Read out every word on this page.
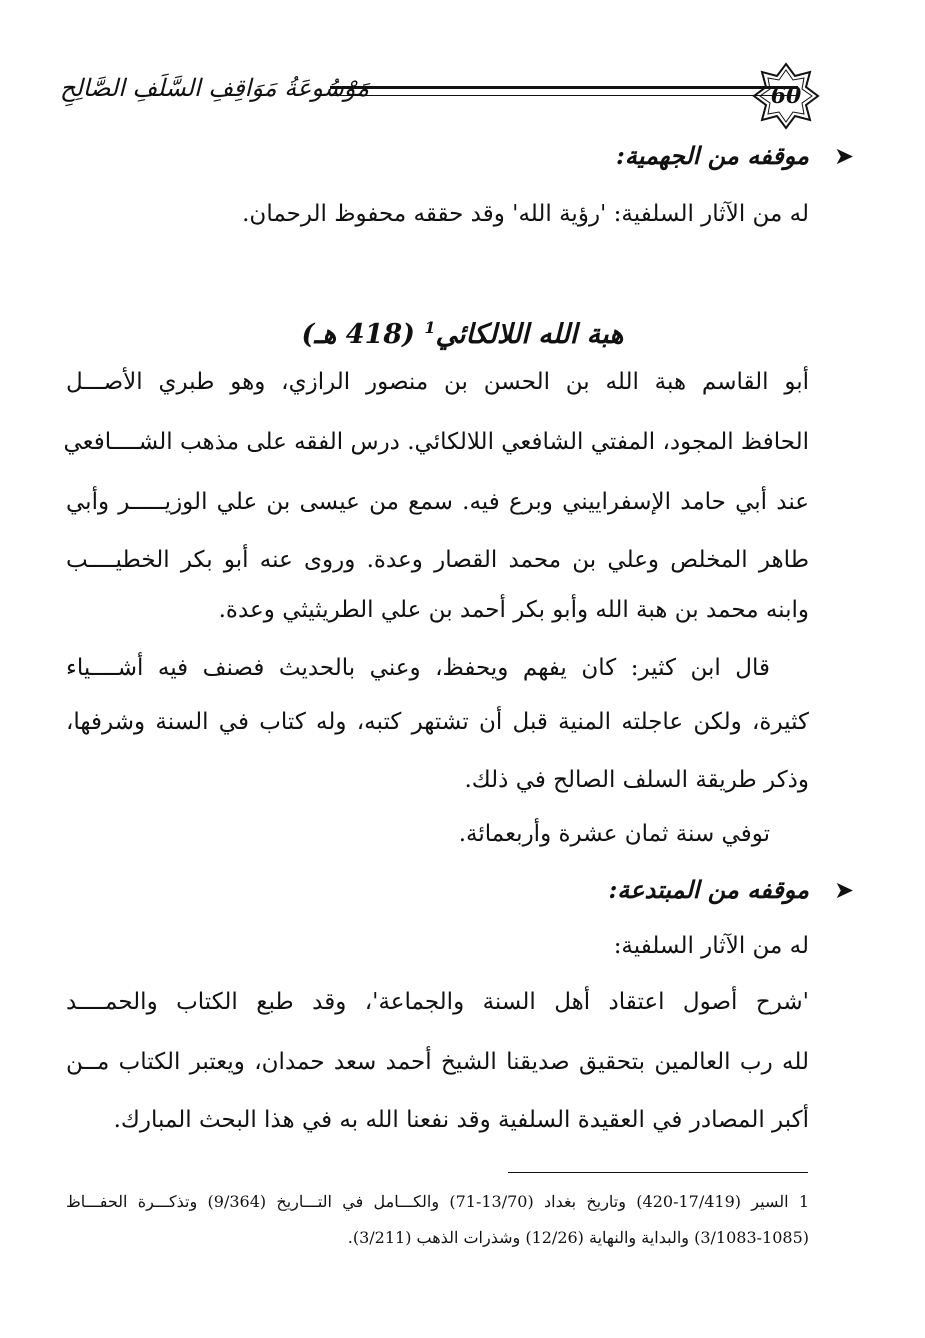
مَوْسُوعَةُ مَوَاقِفِ السَّلَفِ الصَّالِحِ	60
➤
موقفه من الجهمية:
له من الآثار السلفية: 'رؤية الله' وقد حققه محفوظ الرحمان.
هبة الله اللالكائي$^1$ (418 هـ)
أبو القاسم هبة الله بن الحسن بن منصور الرازي، وهو طبري الأصـــل
الحافظ المجود، المفتي الشافعي اللالكائي. درس الفقه على مذهب الشــــافعي
عند أبي حامد الإسفراييني وبرع فيه. سمع من عيسى بن علي الوزيـــــر وأبي
طاهر المخلص وعلي بن محمد القصار وعدة. وروى عنه أبو بكر الخطيــــب
وابنه محمد بن هبة الله وأبو بكر أحمد بن علي الطريثيثي وعدة.
قال ابن كثير: كان يفهم ويحفظ، وعني بالحديث فصنف فيه أشــــياء
كثيرة، ولكن عاجلته المنية قبل أن تشتهر كتبه، وله كتاب في السنة وشرفها،
وذكر طريقة السلف الصالح في ذلك.
توفي سنة ثمان عشرة وأربعمائة.
➤
موقفه من المبتدعة:
له من الآثار السلفية:
'شرح أصول اعتقاد أهل السنة والجماعة'، وقد طبع الكتاب والحمــــد
لله رب العالمين بتحقيق صديقنا الشيخ أحمد سعد حمدان، ويعتبر الكتاب مــن
أكبر المصادر في العقيدة السلفية وقد نفعنا الله به في هذا البحث المبارك.
1 السير (17/419-420) وتاريخ بغداد (13/70-71) والكـــامل في التـــاريخ (9/364) وتذكـــرة الحفـــاظ
(3/1083-1085) والبداية والنهاية (12/26) وشذرات الذهب (3/211).
